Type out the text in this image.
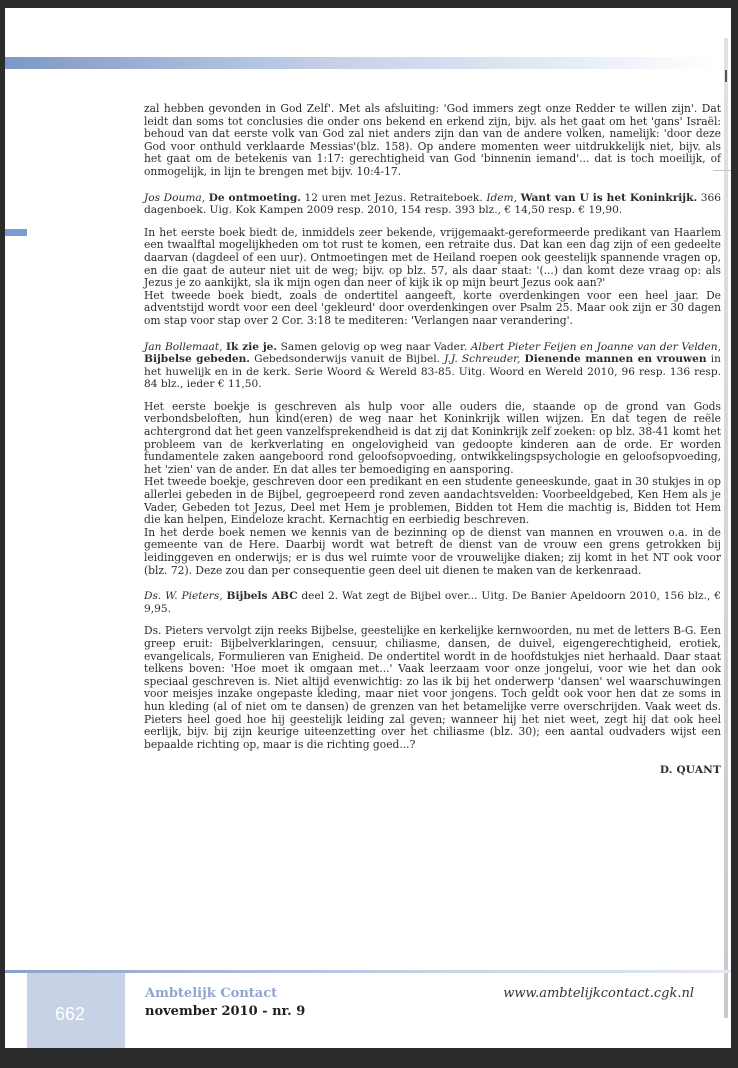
zal hebben gevonden in God Zelf'. Met als afsluiting: 'God immers zegt onze Redder te willen zijn'. Dat leidt dan soms tot conclusies die onder ons bekend en erkend zijn, bijv. als het gaat om het 'gans' Israël: behoud van dat eerste volk van God zal niet anders zijn dan van de andere volken, namelijk: 'door deze God voor onthuld verklaarde Messias'(blz. 158). Op andere momenten weer uitdrukkelijk niet, bijv. als het gaat om de betekenis van 1:17: gerechtigheid van God 'binnenin iemand'... dat is toch moeilijk, of onmogelijk, in lijn te brengen met bijv. 10:4-17.

Jos Douma, De ontmoeting. 12 uren met Jezus. Retraiteboek. Idem, Want van U is het Koninkrijk. 366 dagenboek. Uig. Kok Kampen 2009 resp. 2010, 154 resp. 393 blz., € 14,50 resp. € 19,90.

In het eerste boek biedt de, inmiddels zeer bekende, vrijgemaakt-gereformeerde predikant van Haarlem een twaalftal mogelijkheden om tot rust te komen, een retraite dus. Dat kan een dag zijn of een gedeelte daarvan (dagdeel of een uur). Ontmoetingen met de Heiland roepen ook geestelijk spannende vragen op, en die gaat de auteur niet uit de weg; bijv. op blz. 57, als daar staat: '(...) dan komt deze vraag op: als Jezus je zo aankijkt, sla ik mijn ogen dan neer of kijk ik op mijn beurt Jezus ook aan?'

Het tweede boek biedt, zoals de ondertitel aangeeft, korte overdenkingen voor een heel jaar. De adventstijd wordt voor een deel 'gekleurd' door overdenkingen over Psalm 25. Maar ook zijn er 30 dagen om stap voor stap over 2 Cor. 3:18 te mediteren: 'Verlangen naar verandering'.

Jan Bollemaat, Ik zie je. Samen gelovig op weg naar Vader. Albert Pieter Feijen en Joanne van der Velden, Bijbelse gebeden. Gebedsonderwijs vanuit de Bijbel. J.J. Schreuder, Dienende mannen en vrouwen in het huwelijk en in de kerk. Serie Woord & Wereld 83-85. Uitg. Woord en Wereld 2010, 96 resp. 136 resp. 84 blz., ieder € 11,50.

Het eerste boekje is geschreven als hulp voor alle ouders die, staande op de grond van Gods verbondsbeloften, hun kind(eren) de weg naar het Koninkrijk willen wijzen. En dat tegen de reële achtergrond dat het geen vanzelfsprekendheid is dat zij dat Koninkrijk zelf zoeken: op blz. 38-41 komt het probleem van de kerkverlating en ongelovigheid van gedoopte kinderen aan de orde. Er worden fundamentele zaken aangeboord rond geloofsopvoeding, ontwikkelingspsychologie en geloofsopvoeding, het 'zien' van de ander. En dat alles ter bemoediging en aansporing.

Het tweede boekje, geschreven door een predikant en een studente geneeskunde, gaat in 30 stukjes in op allerlei gebeden in de Bijbel, gegroepeerd rond zeven aandachtsvelden: Voorbeeldgebed, Ken Hem als je Vader, Gebeden tot Jezus, Deel met Hem je problemen, Bidden tot Hem die machtig is, Bidden tot Hem die kan helpen, Eindeloze kracht. Kernachtig en eerbiedig beschreven.

In het derde boek nemen we kennis van de bezinning op de dienst van mannen en vrouwen o.a. in de gemeente van de Here. Daarbij wordt wat betreft de dienst van de vrouw een grens getrokken bij leidinggeven en onderwijs; er is dus wel ruimte voor de vrouwelijke diaken; zij komt in het NT ook voor (blz. 72). Deze zou dan per consequentie geen deel uit dienen te maken van de kerkenraad.

Ds. W. Pieters, Bijbels ABC deel 2. Wat zegt de Bijbel over... Uitg. De Banier Apeldoorn 2010, 156 blz., € 9,95.

Ds. Pieters vervolgt zijn reeks Bijbelse, geestelijke en kerkelijke kernwoorden, nu met de letters B-G. Een greep eruit: Bijbelverklaringen, censuur, chiliasme, dansen, de duivel, eigengerechtigheid, erotiek, evangelicals, Formulieren van Enigheid. De ondertitel wordt in de hoofdstukjes niet herhaald. Daar staat telkens boven: 'Hoe moet ik omgaan met...' Vaak leerzaam voor onze jongelui, voor wie het dan ook speciaal geschreven is. Niet altijd evenwichtig: zo las ik bij het onderwerp 'dansen' wel waarschuwingen voor meisjes inzake ongepaste kleding, maar niet voor jongens. Toch geldt ook voor hen dat ze soms in hun kleding (al of niet om te dansen) de grenzen van het betamelijke verre overschrijden. Vaak weet ds. Pieters heel goed hoe hij geestelijk leiding zal geven; wanneer hij het niet weet, zegt hij dat ook heel eerlijk, bijv. bij zijn keurige uiteenzetting over het chiliasme (blz. 30); een aantal oudvaders wijst een bepaalde richting op, maar is die richting goed...?

D. QUANT

662
Ambtelijk Contact
november 2010 - nr. 9
www.ambtelijkcontact.cgk.nl
